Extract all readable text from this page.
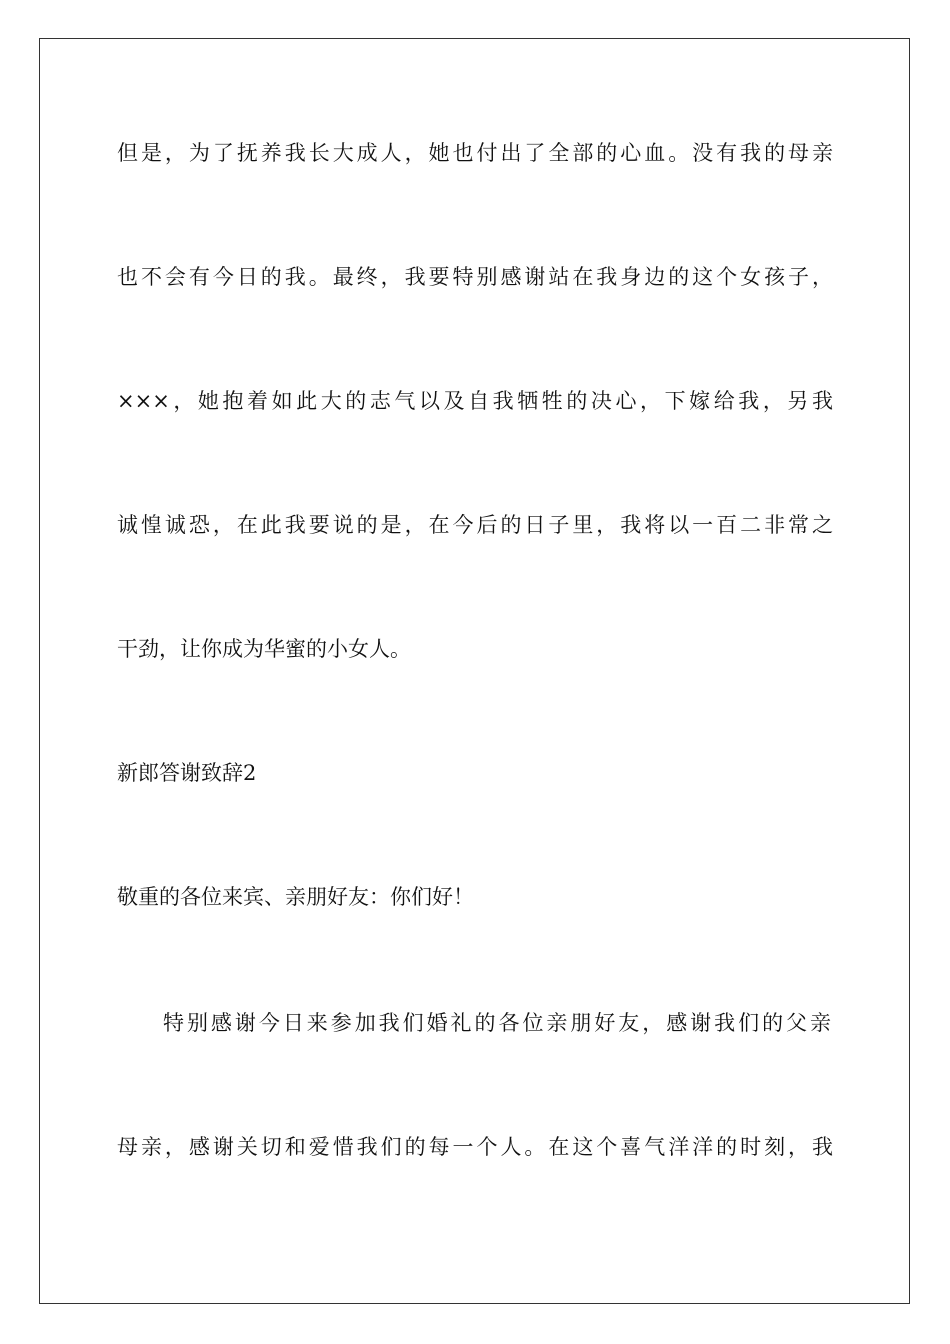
但是，为了抚养我长大成人，她也付出了全部的心血。没有我的母亲
也不会有今日的我。最终，我要特别感谢站在我身边的这个女孩子，
×××，她抱着如此大的志气以及自我牺牲的决心，下嫁给我，另我
诚惶诚恐，在此我要说的是，在今后的日子里，我将以一百二非常之
干劲，让你成为华蜜的小女人。
新郎答谢致辞2
敬重的各位来宾、亲朋好友：你们好！
特别感谢今日来参加我们婚礼的各位亲朋好友，感谢我们的父亲
母亲，感谢关切和爱惜我们的每一个人。在这个喜气洋洋的时刻，我
